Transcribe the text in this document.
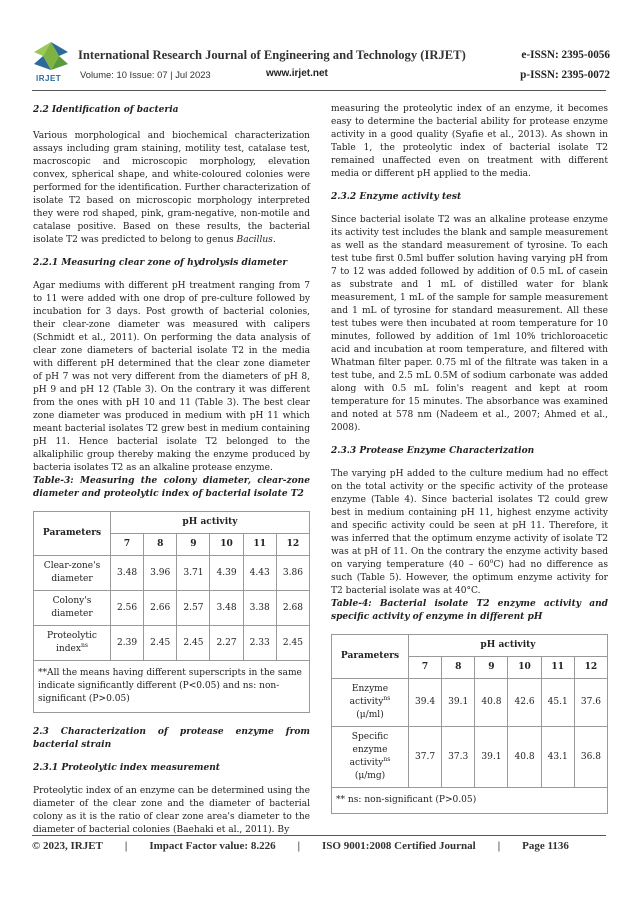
IRJET
International Research Journal of Engineering and Technology (IRJET)	e-ISSN: 2395-0056
Volume: 10 Issue: 07 | Jul 2023	www.irjet.net	p-ISSN: 2395-0072

2.2 Identification of bacteria

Various morphological and biochemical characterization assays including gram staining, motility test, catalase test, macroscopic and microscopic morphology, elevation convex, spherical shape, and white-coloured colonies were performed for the identification. Further characterization of isolate T2 based on microscopic morphology interpreted they were rod shaped, pink, gram-negative, non-motile and catalase positive. Based on these results, the bacterial isolate T2 was predicted to belong to genus Bacillus.

2.2.1 Measuring clear zone of hydrolysis diameter

Agar mediums with different pH treatment ranging from 7 to 11 were added with one drop of pre-culture followed by incubation for 3 days. Post growth of bacterial colonies, their clear-zone diameter was measured with calipers (Schmidt et al., 2011). On performing the data analysis of clear zone diameters of bacterial isolate T2 in the media with different pH determined that the clear zone diameter of pH 7 was not very different from the diameters of pH 8, pH 9 and pH 12 (Table 3). On the contrary it was different from the ones with pH 10 and 11 (Table 3). The best clear zone diameter was produced in medium with pH 11 which meant bacterial isolates T2 grew best in medium containing pH 11. Hence bacterial isolate T2 belonged to the alkaliphilic group thereby making the enzyme produced by bacteria isolates T2 as an alkaline protease enzyme.

Table-3: Measuring the colony diameter, clear-zone diameter and proteolytic index of bacterial isolate T2

Parameters	pH activity					
	7	8	9	10	11	12
Clear-zone's diameter	3.48	3.96	3.71	4.39	4.43	3.86
Colony's diameter	2.56	2.66	2.57	3.48	3.38	2.68
Proteolytic index$^{ns}$	2.39	2.45	2.45	2.27	2.33	2.45
**All the means having different superscripts in the same indicate significantly different (P<0.05) and ns: non-significant (P>0.05)						

2.3 Characterization of protease enzyme from bacterial strain

2.3.1 Proteolytic index measurement

Proteolytic index of an enzyme can be determined using the diameter of the clear zone and the diameter of bacterial colony as it is the ratio of clear zone area's diameter to the diameter of bacterial colonies (Baehaki et al., 2011). By

measuring the proteolytic index of an enzyme, it becomes easy to determine the bacterial ability for protease enzyme activity in a good quality (Syafie et al., 2013). As shown in Table 1, the proteolytic index of bacterial isolate T2 remained unaffected even on treatment with different media or different pH applied to the media.

2.3.2 Enzyme activity test

Since bacterial isolate T2 was an alkaline protease enzyme its activity test includes the blank and sample measurement as well as the standard measurement of tyrosine. To each test tube first 0.5ml buffer solution having varying pH from 7 to 12 was added followed by addition of 0.5 mL of casein as substrate and 1 mL of distilled water for blank measurement, 1 mL of the sample for sample measurement and 1 mL of tyrosine for standard measurement. All these test tubes were then incubated at room temperature for 10 minutes, followed by addition of 1ml 10% trichloroacetic acid and incubation at room temperature, and filtered with Whatman filter paper. 0.75 ml of the filtrate was taken in a test tube, and 2.5 mL 0.5M of sodium carbonate was added along with 0.5 mL folin's reagent and kept at room temperature for 15 minutes. The absorbance was examined and noted at 578 nm (Nadeem et al., 2007; Ahmed et al., 2008).

2.3.3 Protease Enzyme Characterization

The varying pH added to the culture medium had no effect on the total activity or the specific activity of the protease enzyme (Table 4). Since bacterial isolates T2 could grew best in medium containing pH 11, highest enzyme activity and specific activity could be seen at pH 11. Therefore, it was inferred that the optimum enzyme activity of isolate T2 was at pH of 11. On the contrary the enzyme activity based on varying temperature (40 – 60$^o$C) had no difference as such (Table 5). However, the optimum enzyme activity for T2 bacterial isolate was at 40°C.

Table-4: Bacterial isolate T2 enzyme activity and specific activity of enzyme in different pH

Parameters	pH activity					
	7	8	9	10	11	12
Enzyme activity$^{ns}$
(μ/ml)	39.4	39.1	40.8	42.6	45.1	37.6
Specific enzyme activity$^{ns}$
(μ/mg)	37.7	37.3	39.1	40.8	43.1	36.8
** ns: non-significant (P>0.05)						
© 2023, IRJET | Impact Factor value: 8.226 | ISO 9001:2008 Certified Journal | Page 1136
